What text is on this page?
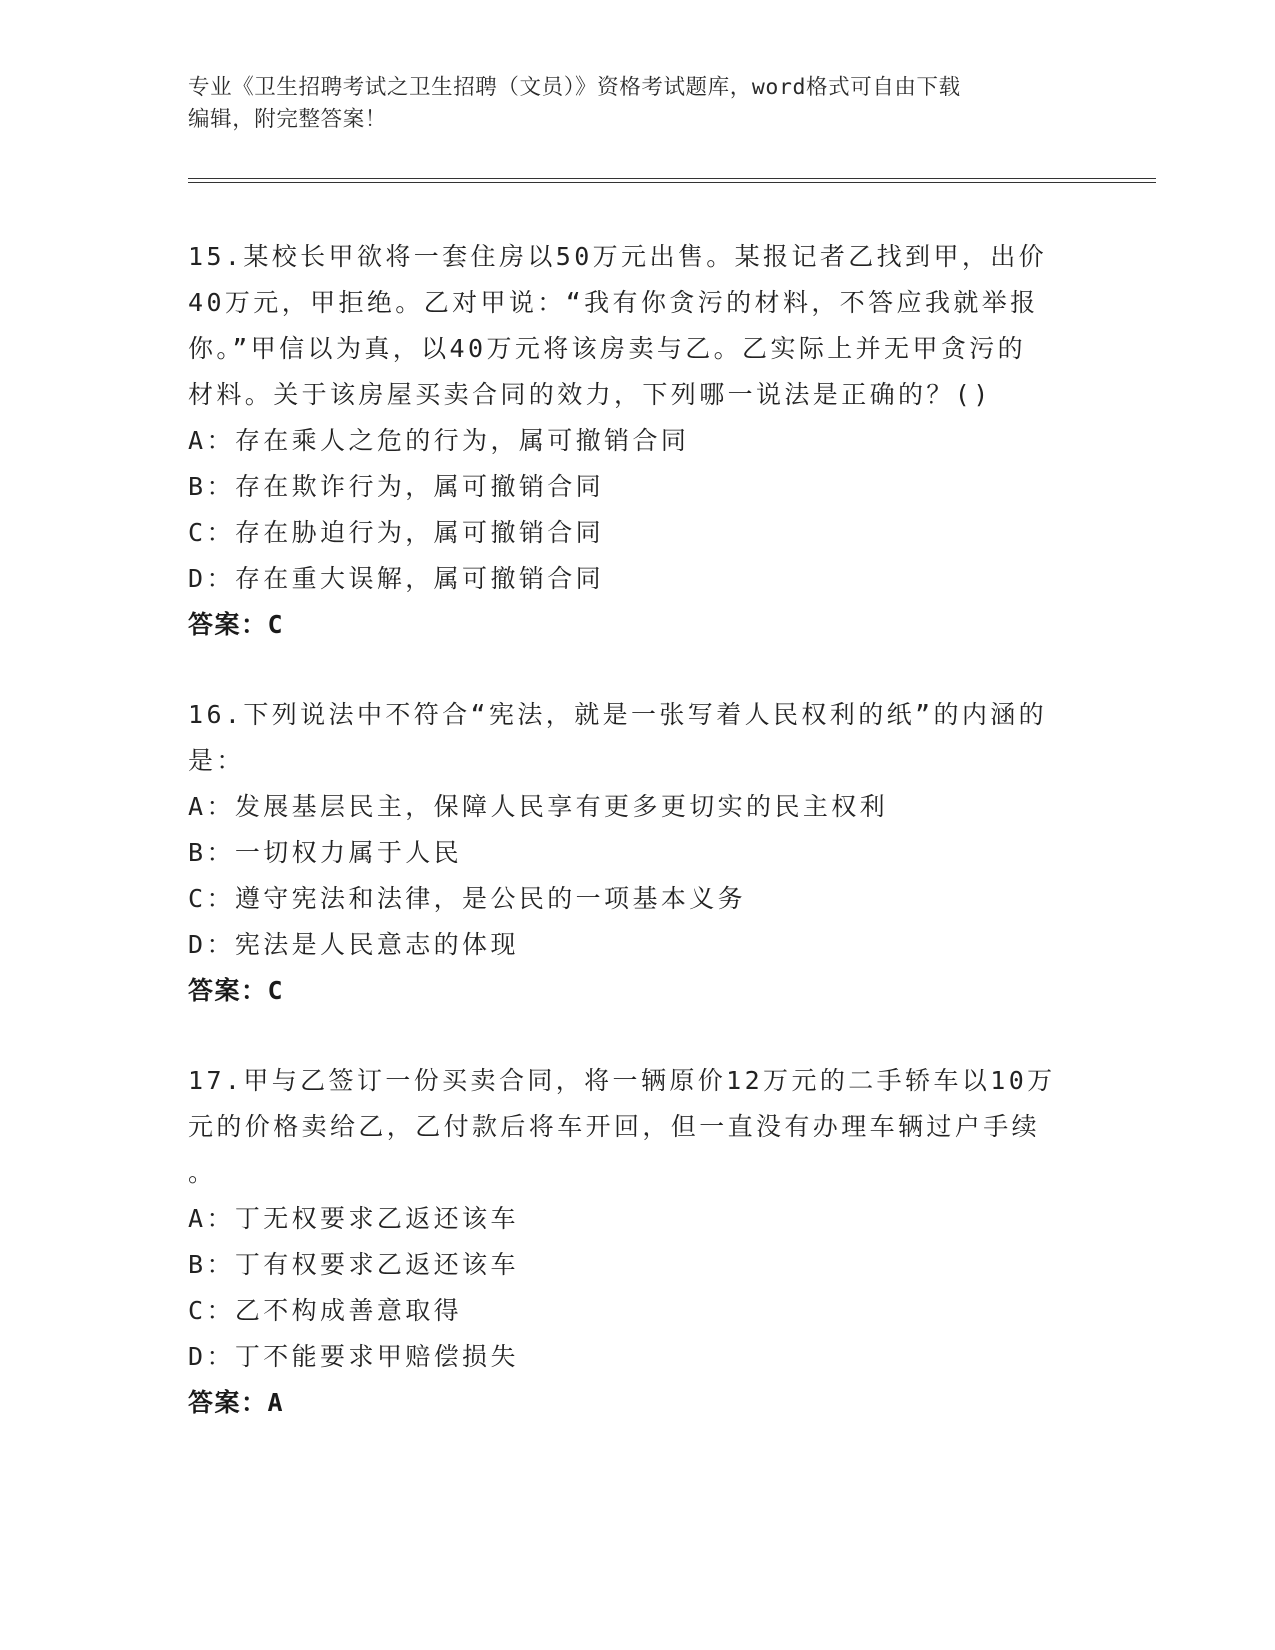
专业《卫生招聘考试之卫生招聘（文员）》资格考试题库，word格式可自由下载
编辑，附完整答案！

15.某校长甲欲将一套住房以50万元出售。某报记者乙找到甲，出价

40万元，甲拒绝。乙对甲说：“我有你贪污的材料，不答应我就举报

你。”甲信以为真，以40万元将该房卖与乙。乙实际上并无甲贪污的

材料。关于该房屋买卖合同的效力，下列哪一说法是正确的？()

A：存在乘人之危的行为，属可撤销合同

B：存在欺诈行为，属可撤销合同

C：存在胁迫行为，属可撤销合同

D：存在重大误解，属可撤销合同

答案：C

16.下列说法中不符合“宪法，就是一张写着人民权利的纸”的内涵的

是：

A：发展基层民主，保障人民享有更多更切实的民主权利

B：一切权力属于人民

C：遵守宪法和法律，是公民的一项基本义务

D：宪法是人民意志的体现

答案：C

17.甲与乙签订一份买卖合同，将一辆原价12万元的二手轿车以10万

元的价格卖给乙，乙付款后将车开回，但一直没有办理车辆过户手续

。

A：丁无权要求乙返还该车

B：丁有权要求乙返还该车

C：乙不构成善意取得

D：丁不能要求甲赔偿损失

答案：A
